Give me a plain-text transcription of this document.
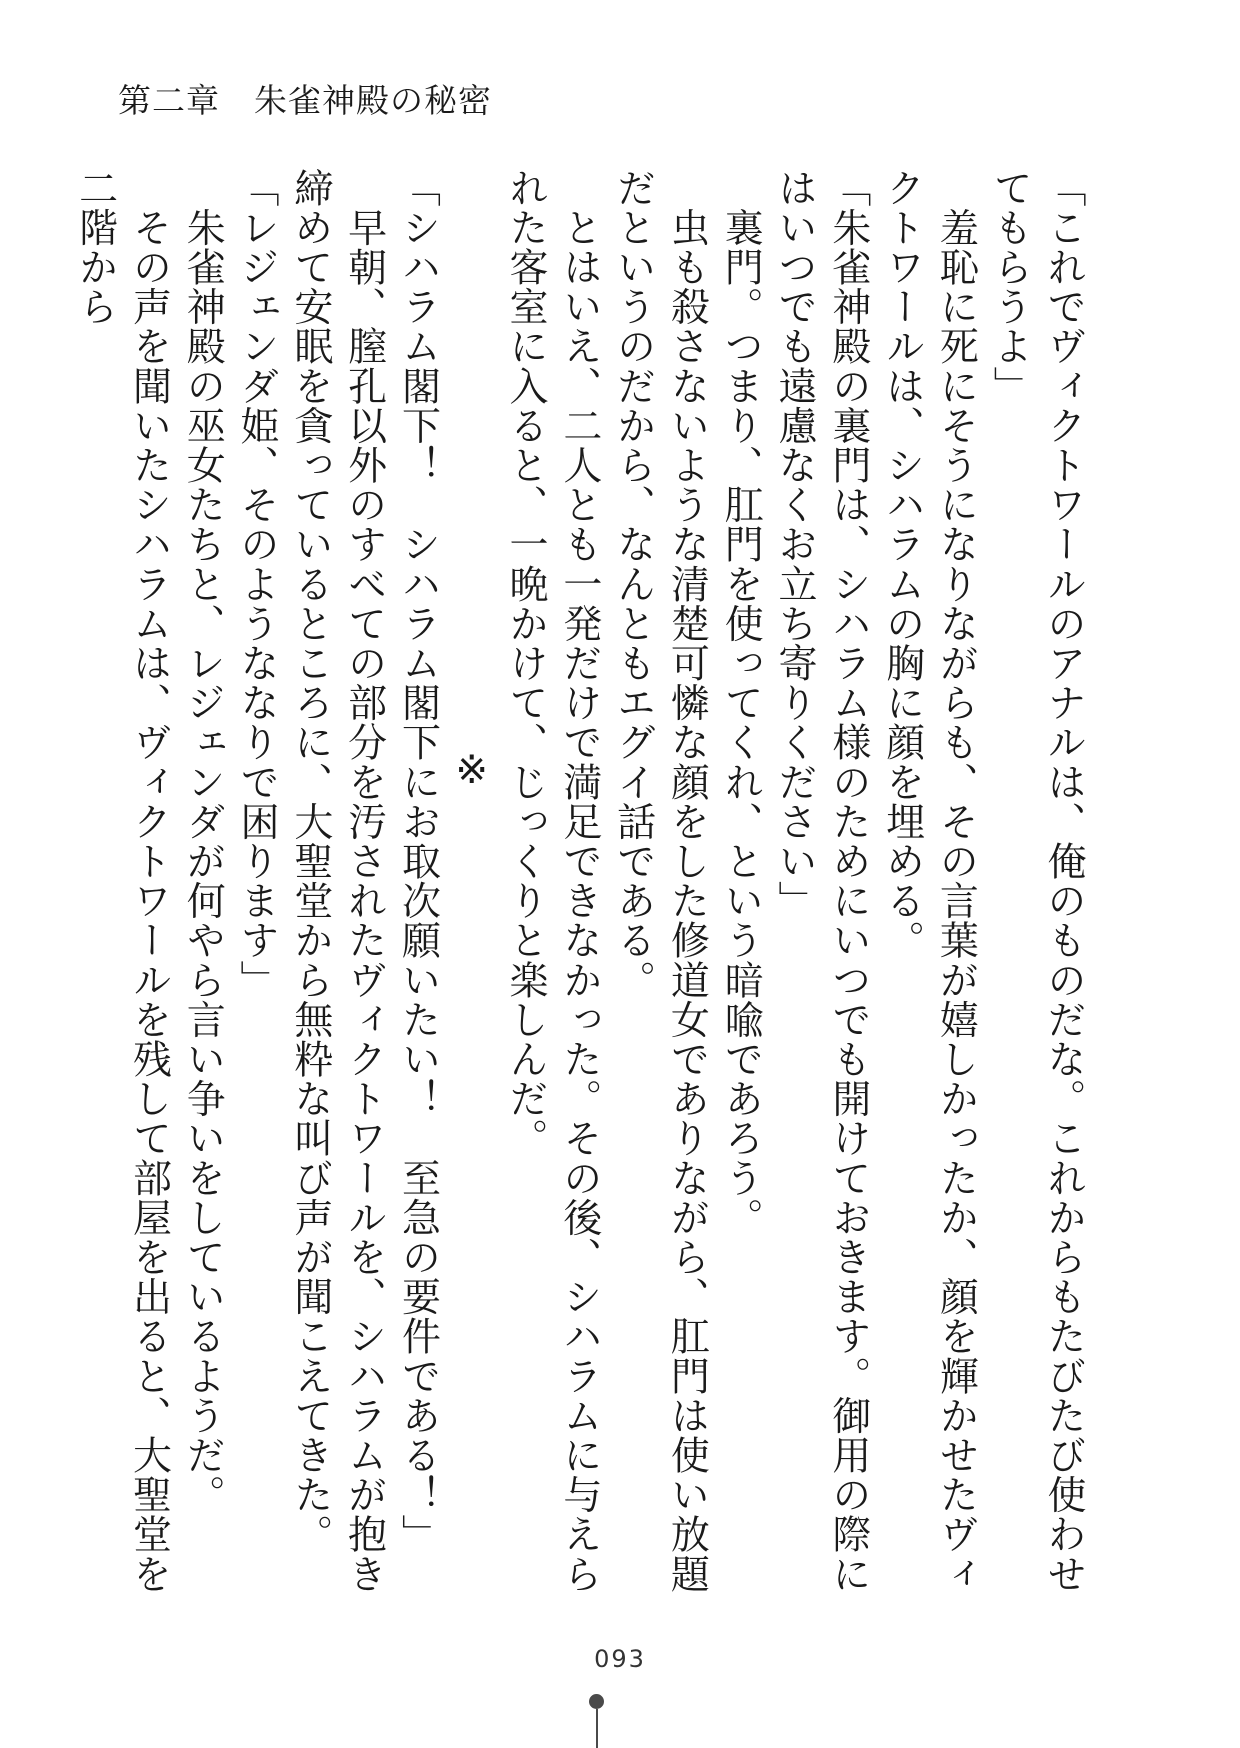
第二章　朱雀神殿の秘密

「これでヴィクトワールのアナルは、俺のものだな。これからもたびたび使わせてもらうよ」

　羞恥に死にそうになりながらも、その言葉が嬉しかったか、顔を輝かせたヴィクトワールは、シハラムの胸に顔を埋める。

「朱雀神殿の裏門は、シハラム様のためにいつでも開けておきます。御用の際にはいつでも遠慮なくお立ち寄りください」

　裏門。つまり、肛門を使ってくれ、という暗喩であろう。

　虫も殺さないような清楚可憐な顔をした修道女でありながら、肛門は使い放題だというのだから、なんともエグイ話である。

　とはいえ、二人とも一発だけで満足できなかった。その後、シハラムに与えられた客室に入ると、一晩かけて、じっくりと楽しんだ。

※

「シハラム閣下！　シハラム閣下にお取次願いたい！　至急の要件である！」

　早朝、膣孔以外のすべての部分を汚されたヴィクトワールを、シハラムが抱き締めて安眠を貪っているところに、大聖堂から無粋な叫び声が聞こえてきた。

「レジェンダ姫、そのようななりで困ります」

　朱雀神殿の巫女たちと、レジェンダが何やら言い争いをしているようだ。

　その声を聞いたシハラムは、ヴィクトワールを残して部屋を出ると、大聖堂を二階から

093
